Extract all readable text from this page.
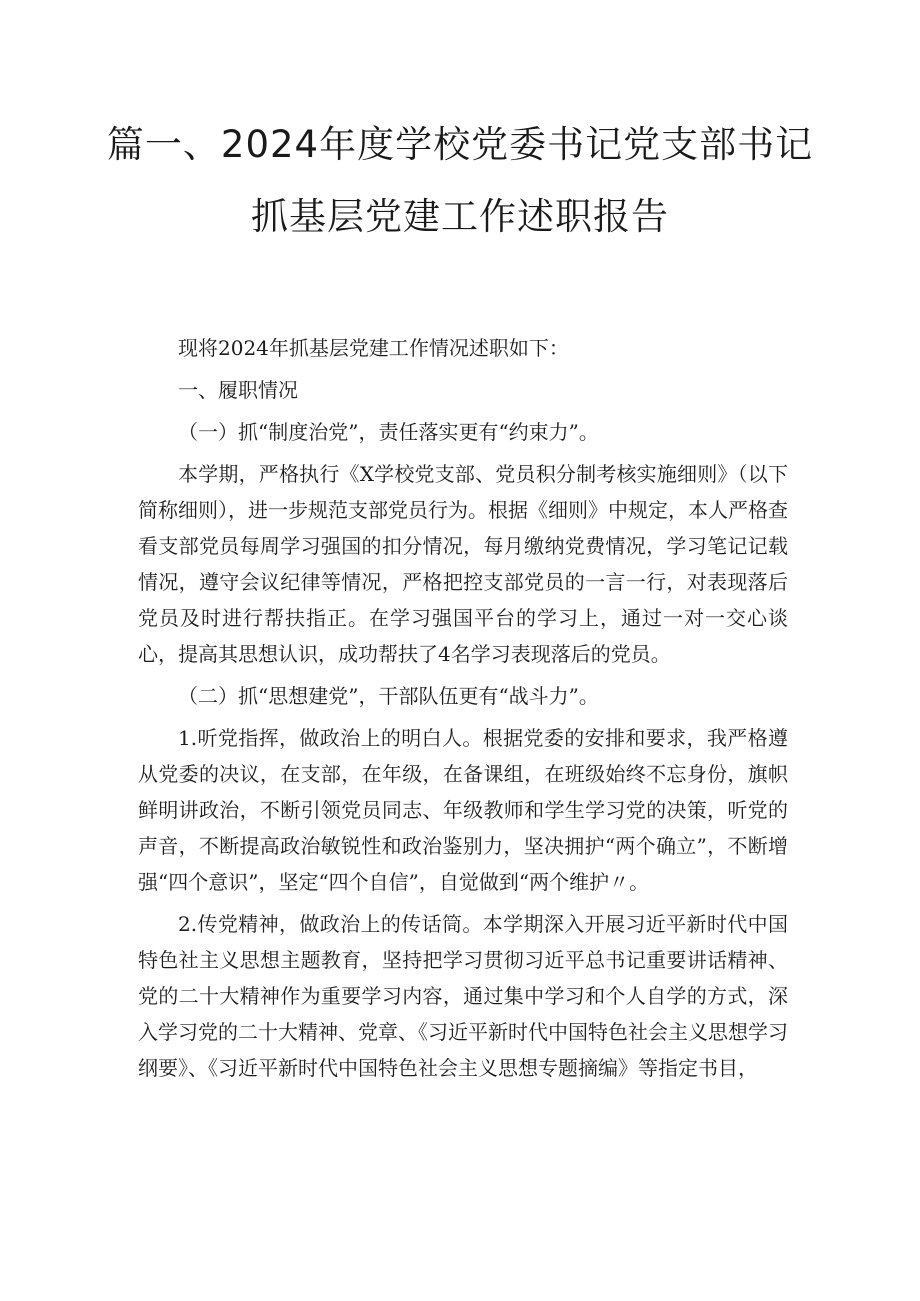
篇一、2024年度学校党委书记党支部书记
抓基层党建工作述职报告

现将2024年抓基层党建工作情况述职如下：

一、履职情况

（一）抓“制度治党”，责任落实更有“约束力”。

本学期，严格执行《X学校党支部、党员积分制考核实施细则》（以下简称细则），进一步规范支部党员行为。根据《细则》中规定，本人严格查看支部党员每周学习强国的扣分情况，每月缴纳党费情况，学习笔记记载情况，遵守会议纪律等情况，严格把控支部党员的一言一行，对表现落后党员及时进行帮扶指正。在学习强国平台的学习上，通过一对一交心谈心，提高其思想认识，成功帮扶了4名学习表现落后的党员。

（二）抓“思想建党”，干部队伍更有“战斗力”。

1.听党指挥，做政治上的明白人。根据党委的安排和要求，我严格遵从党委的决议，在支部，在年级，在备课组，在班级始终不忘身份，旗帜鲜明讲政治，不断引领党员同志、年级教师和学生学习党的决策，听党的声音，不断提高政治敏锐性和政治鉴别力，坚决拥护“两个确立”，不断增强“四个意识”，坚定“四个自信”，自觉做到“两个维护〃。

2.传党精神，做政治上的传话筒。本学期深入开展习近平新时代中国特色社主义思想主题教育，坚持把学习贯彻习近平总书记重要讲话精神、党的二十大精神作为重要学习内容，通过集中学习和个人自学的方式，深入学习党的二十大精神、党章、《习近平新时代中国特色社会主义思想学习纲要》、《习近平新时代中国特色社会主义思想专题摘编》等指定书目，
